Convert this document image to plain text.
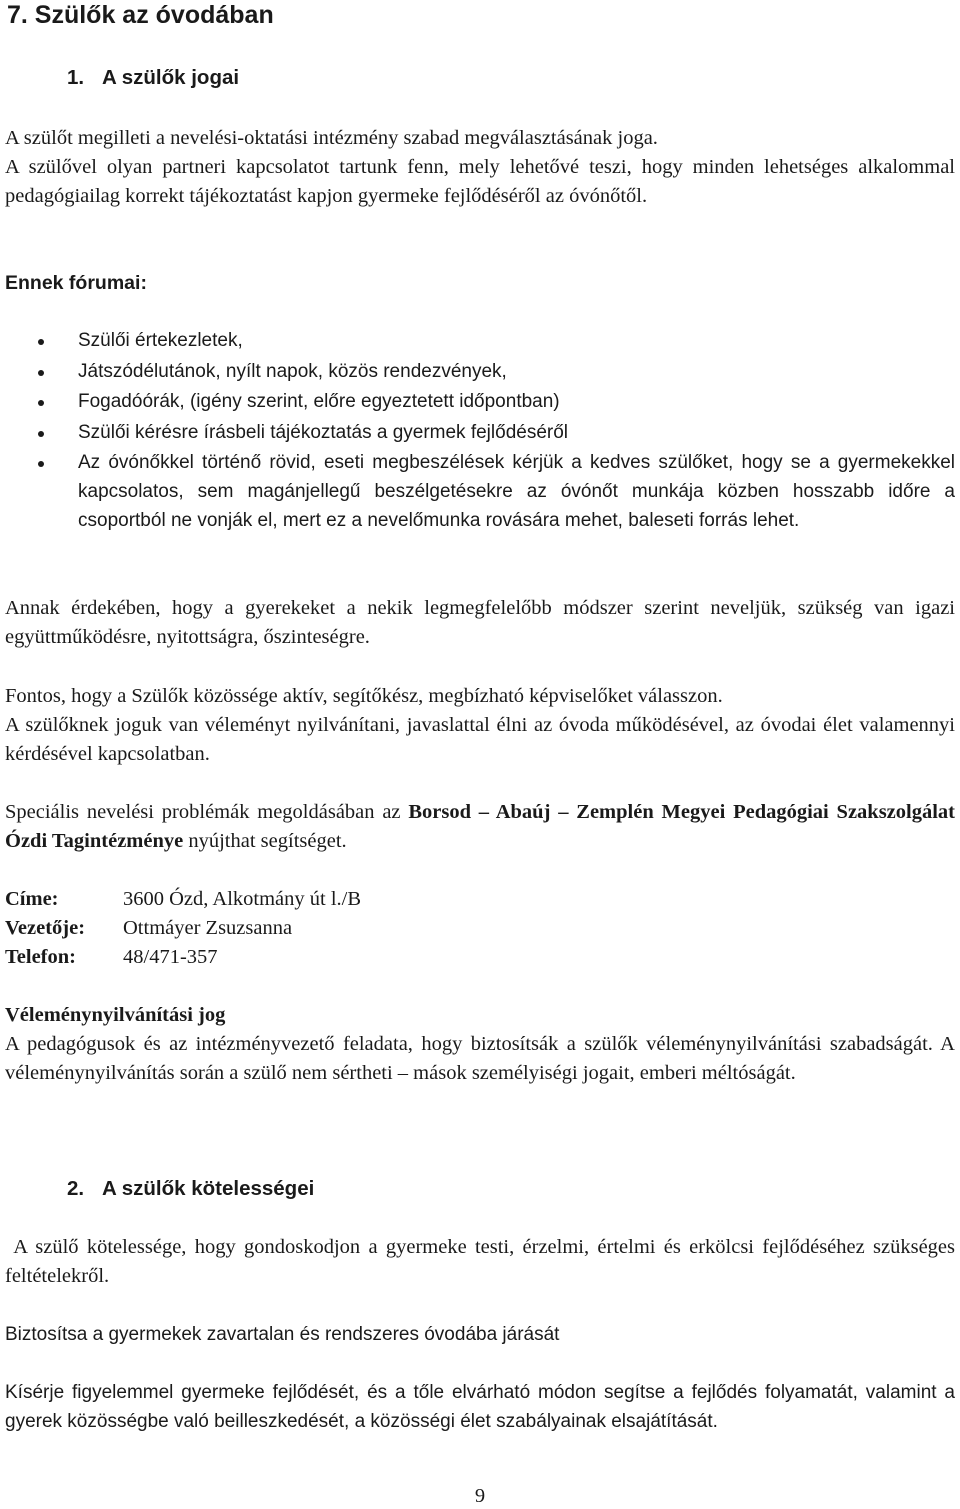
7. Szülők az óvodában
1. A szülők jogai

A szülőt megilleti a nevelési-oktatási intézmény szabad megválasztásának joga.

A szülővel olyan partneri kapcsolatot tartunk fenn, mely lehetővé teszi, hogy minden lehetséges alkalommal pedagógiailag korrekt tájékoztatást kapjon gyermeke fejlődéséről az óvónőtől.

Ennek fórumai:
Szülői értekezletek,
Játszódélutánok, nyílt napok, közös rendezvények,
Fogadóórák, (igény szerint, előre egyeztetett időpontban)
Szülői kérésre írásbeli tájékoztatás a gyermek fejlődéséről
Az óvónőkkel történő rövid, eseti megbeszélések kérjük a kedves szülőket, hogy se a gyermekekkel kapcsolatos, sem magánjellegű beszélgetésekre az óvónőt munkája közben hosszabb időre a csoportból ne vonják el, mert ez a nevelőmunka rovására mehet, baleseti forrás lehet.

Annak érdekében, hogy a gyerekeket a nekik legmegfelelőbb módszer szerint neveljük, szükség van igazi együttműködésre, nyitottságra, őszinteségre.

Fontos, hogy a Szülők közössége aktív, segítőkész, megbízható képviselőket válasszon.

A szülőknek joguk van véleményt nyilvánítani, javaslattal élni az óvoda működésével, az óvodai élet valamennyi kérdésével kapcsolatban.

Speciális nevelési problémák megoldásában az Borsod – Abaúj – Zemplén Megyei Pedagógiai Szakszolgálat Ózdi Tagintézménye nyújthat segítséget.

Címe:	3600 Ózd, Alkotmány út l./B
Vezetője: Ottmáyer Zsuzsanna
Telefon: 48/471-357

Véleménynyilvánítási jog

A pedagógusok és az intézményvezető feladata, hogy biztosítsák a szülők véleménynyilvánítási szabadságát. A véleménynyilvánítás során a szülő nem sértheti – mások személyiségi jogait, emberi méltóságát.

2. A szülők kötelességei

A szülő kötelessége, hogy gondoskodjon a gyermeke testi, érzelmi, értelmi és erkölcsi fejlődéséhez szükséges feltételekről.

Biztosítsa a gyermekek zavartalan és rendszeres óvodába járását

Kísérje figyelemmel gyermeke fejlődését, és a tőle elvárható módon segítse a fejlődés folyamatát, valamint a gyerek közösségbe való beilleszkedését, a közösségi élet szabályainak elsajátítását.

9
